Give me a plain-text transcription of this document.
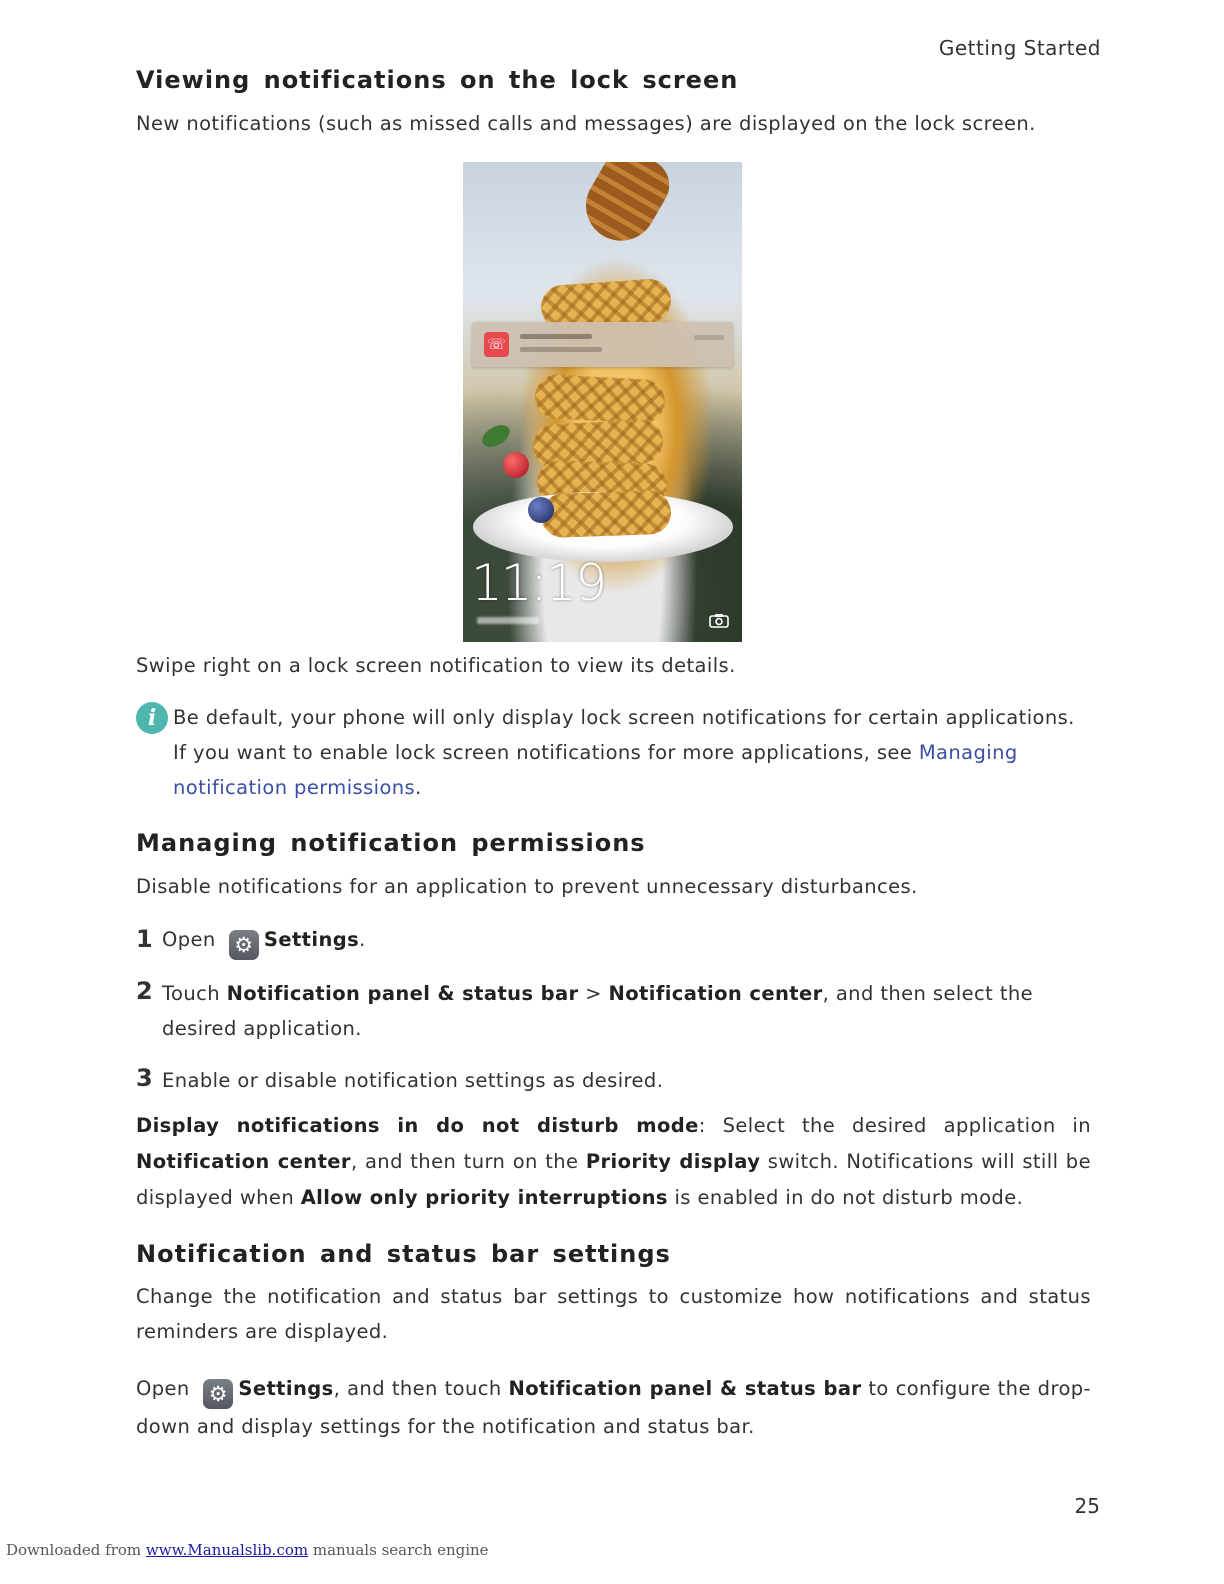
Getting Started
Viewing notifications on the lock screen

New notifications (such as missed calls and messages) are displayed on the lock screen.

☏
11:19

Swipe right on a lock screen notification to view its details.

i Be default, your phone will only display lock screen notifications for certain applications. If you want to enable lock screen notifications for more applications, see Managing notification permissions.

Managing notification permissions

Disable notifications for an application to prevent unnecessary disturbances.

1 Open ⚙ Settings.

2 Touch Notification panel & status bar > Notification center, and then select the desired application.

3 Enable or disable notification settings as desired.

Display notifications in do not disturb mode: Select the desired application in Notification center, and then turn on the Priority display switch. Notifications will still be displayed when Allow only priority interruptions is enabled in do not disturb mode.

Notification and status bar settings

Change the notification and status bar settings to customize how notifications and status reminders are displayed.

Open ⚙ Settings, and then touch Notification panel & status bar to configure the drop-down and display settings for the notification and status bar.

25
Downloaded from www.Manualslib.com manuals search engine
